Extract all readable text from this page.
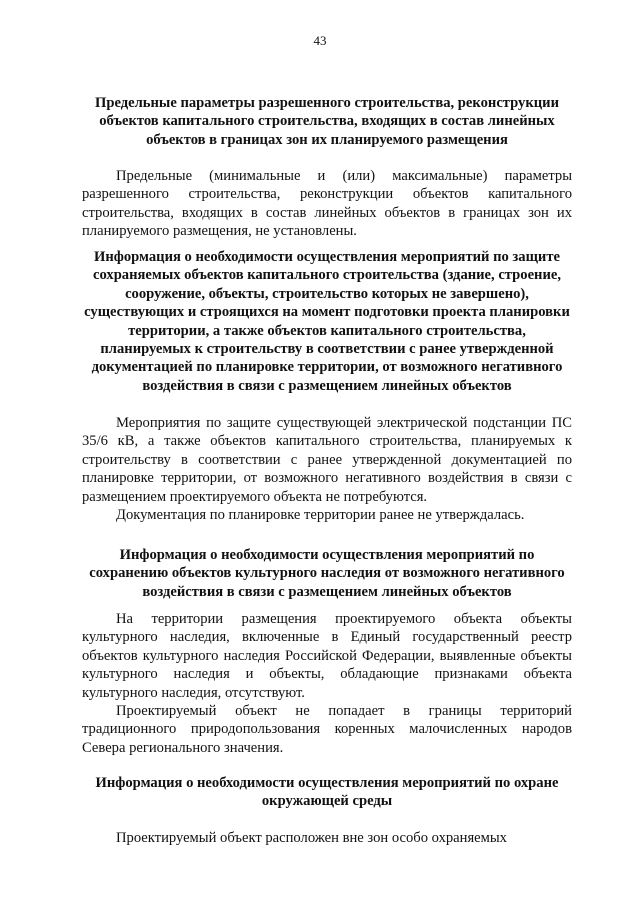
43
Предельные параметры разрешенного строительства, реконструкции объектов капитального строительства, входящих в состав линейных объектов в границах зон их планируемого размещения

Предельные (минимальные и (или) максимальные) параметры разрешенного строительства, реконструкции объектов капитального строительства, входящих в состав линейных объектов в границах зон их планируемого размещения, не установлены.

Информация о необходимости осуществления мероприятий по защите сохраняемых объектов капитального строительства (здание, строение, сооружение, объекты, строительство которых не завершено), существующих и строящихся на момент подготовки проекта планировки территории, а также объектов капитального строительства, планируемых к строительству в соответствии с ранее утвержденной документацией по планировке территории, от возможного негативного воздействия в связи с размещением линейных объектов

Мероприятия по защите существующей электрической подстанции ПС 35/6 кВ, а также объектов капитального строительства, планируемых к строительству в соответствии с ранее утвержденной документацией по планировке территории, от возможного негативного воздействия в связи с размещением проектируемого объекта не потребуются.

Документация по планировке территории ранее не утверждалась.

Информация о необходимости осуществления мероприятий по сохранению объектов культурного наследия от возможного негативного воздействия в связи с размещением линейных объектов

На территории размещения проектируемого объекта объекты культурного наследия, включенные в Единый государственный реестр объектов культурного наследия Российской Федерации, выявленные объекты культурного наследия и объекты, обладающие признаками объекта культурного наследия, отсутствуют.

Проектируемый объект не попадает в границы территорий традиционного природопользования коренных малочисленных народов Севера регионального значения.

Информация о необходимости осуществления мероприятий по охране окружающей среды

Проектируемый объект расположен вне зон особо охраняемых
